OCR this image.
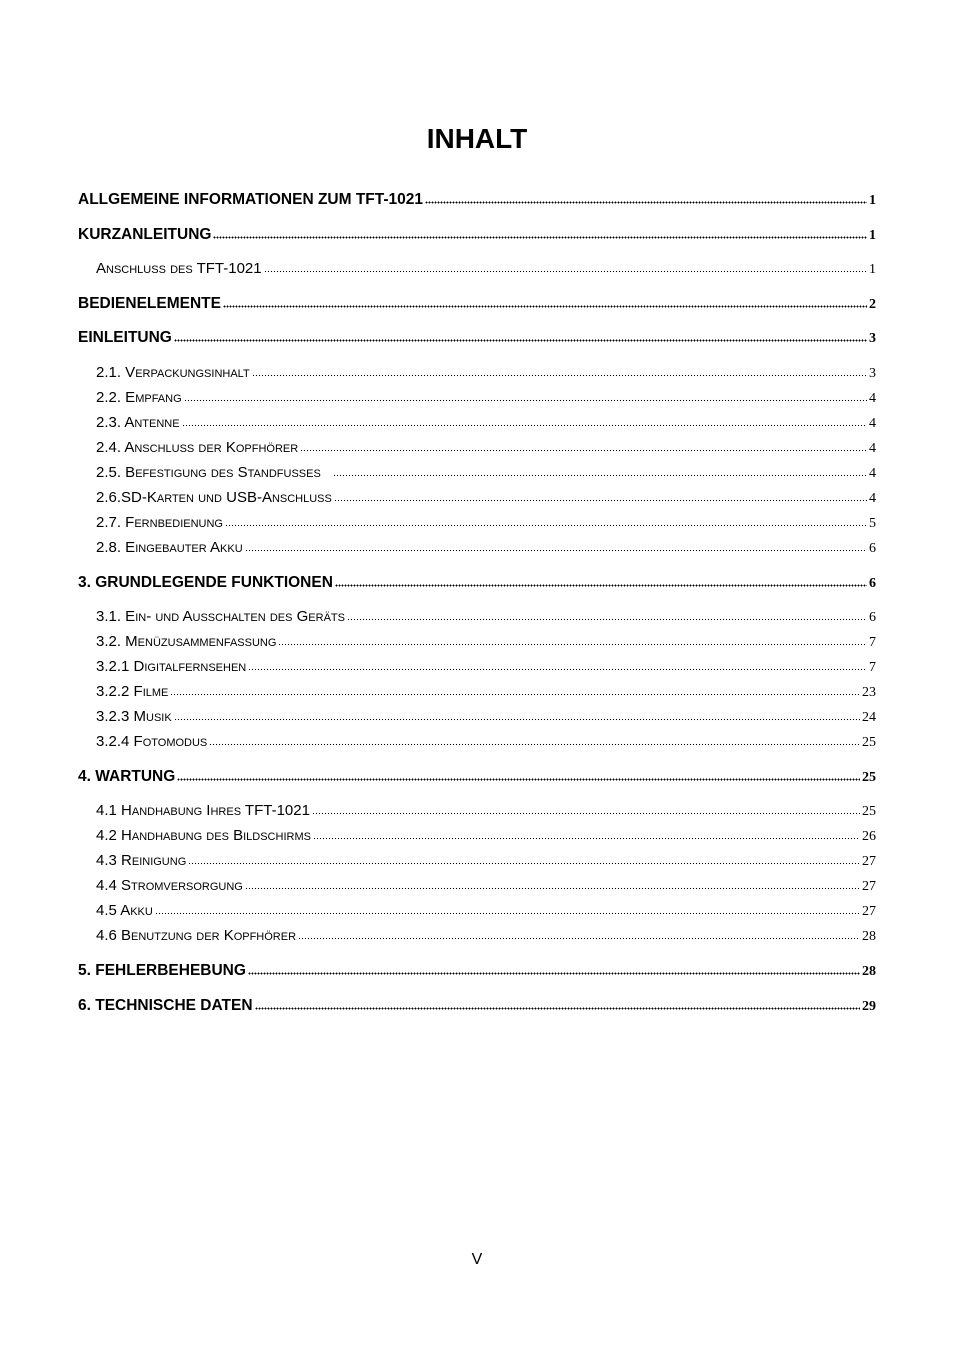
INHALT
ALLGEMEINE INFORMATIONEN ZUM TFT-1021	1
KURZANLEITUNG	1
Anschluss des TFT-1021	1
BEDIENELEMENTE	2
EINLEITUNG	3
2.1. Verpackungsinhalt	3
2.2. Empfang	4
2.3. Antenne	4
2.4. Anschluss der Kopfhörer	4
2.5. Befestigung des Standfußes	4
2.6.SD-Karten und USB-Anschluss	4
2.7. Fernbedienung	5
2.8. Eingebauter Akku	6
3. GRUNDLEGENDE FUNKTIONEN	6
3.1. Ein- und Ausschalten des Geräts	6
3.2. Menüzusammenfassung	7
3.2.1 Digitalfernsehen	7
3.2.2 Filme	23
3.2.3 Musik	24
3.2.4 Fotomodus	25
4. WARTUNG	25
4.1 Handhabung Ihres TFT-1021	25
4.2 Handhabung des Bildschirms	26
4.3 Reinigung	27
4.4 Stromversorgung	27
4.5 Akku	27
4.6 Benutzung der Kopfhörer	28
5. FEHLERBEHEBUNG	28
6. TECHNISCHE DATEN	29
V
